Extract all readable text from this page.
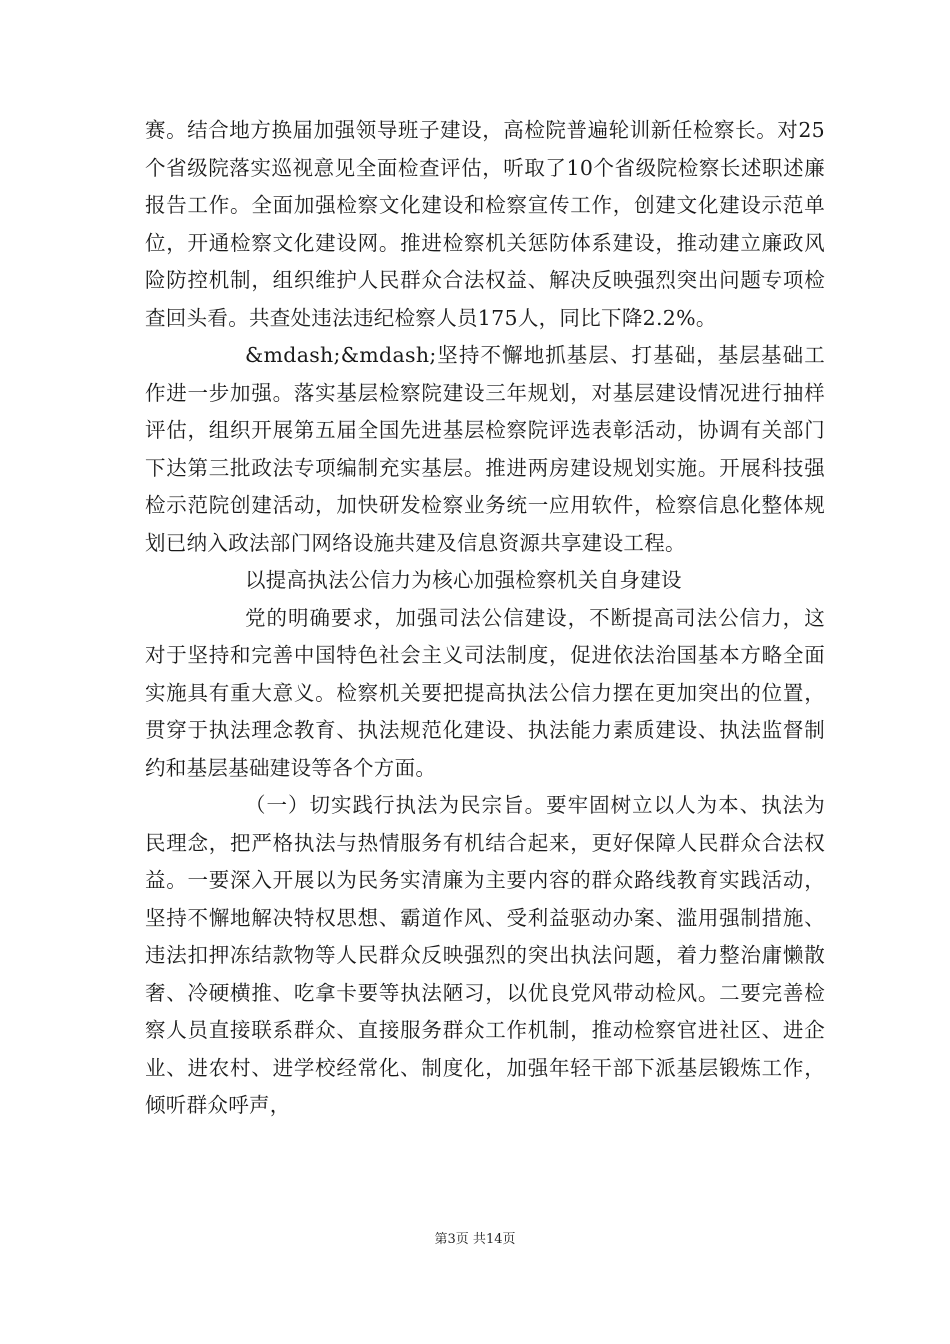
赛。结合地方换届加强领导班子建设，高检院普遍轮训新任检察长。对25个省级院落实巡视意见全面检查评估，听取了10个省级院检察长述职述廉报告工作。全面加强检察文化建设和检察宣传工作，创建文化建设示范单位，开通检察文化建设网。推进检察机关惩防体系建设，推动建立廉政风险防控机制，组织维护人民群众合法权益、解决反映强烈突出问题专项检查回头看。共查处违法违纪检察人员175人，同比下降2.2%。

&mdash;&mdash;坚持不懈地抓基层、打基础，基层基础工作进一步加强。落实基层检察院建设三年规划，对基层建设情况进行抽样评估，组织开展第五届全国先进基层检察院评选表彰活动，协调有关部门下达第三批政法专项编制充实基层。推进两房建设规划实施。开展科技强检示范院创建活动，加快研发检察业务统一应用软件，检察信息化整体规划已纳入政法部门网络设施共建及信息资源共享建设工程。

以提高执法公信力为核心加强检察机关自身建设

党的明确要求，加强司法公信建设，不断提高司法公信力，这对于坚持和完善中国特色社会主义司法制度，促进依法治国基本方略全面实施具有重大意义。检察机关要把提高执法公信力摆在更加突出的位置，贯穿于执法理念教育、执法规范化建设、执法能力素质建设、执法监督制约和基层基础建设等各个方面。

（一）切实践行执法为民宗旨。要牢固树立以人为本、执法为民理念，把严格执法与热情服务有机结合起来，更好保障人民群众合法权益。一要深入开展以为民务实清廉为主要内容的群众路线教育实践活动，坚持不懈地解决特权思想、霸道作风、受利益驱动办案、滥用强制措施、违法扣押冻结款物等人民群众反映强烈的突出执法问题，着力整治庸懒散奢、冷硬横推、吃拿卡要等执法陋习，以优良党风带动检风。二要完善检察人员直接联系群众、直接服务群众工作机制，推动检察官进社区、进企业、进农村、进学校经常化、制度化，加强年轻干部下派基层锻炼工作，倾听群众呼声，

第3页 共14页
